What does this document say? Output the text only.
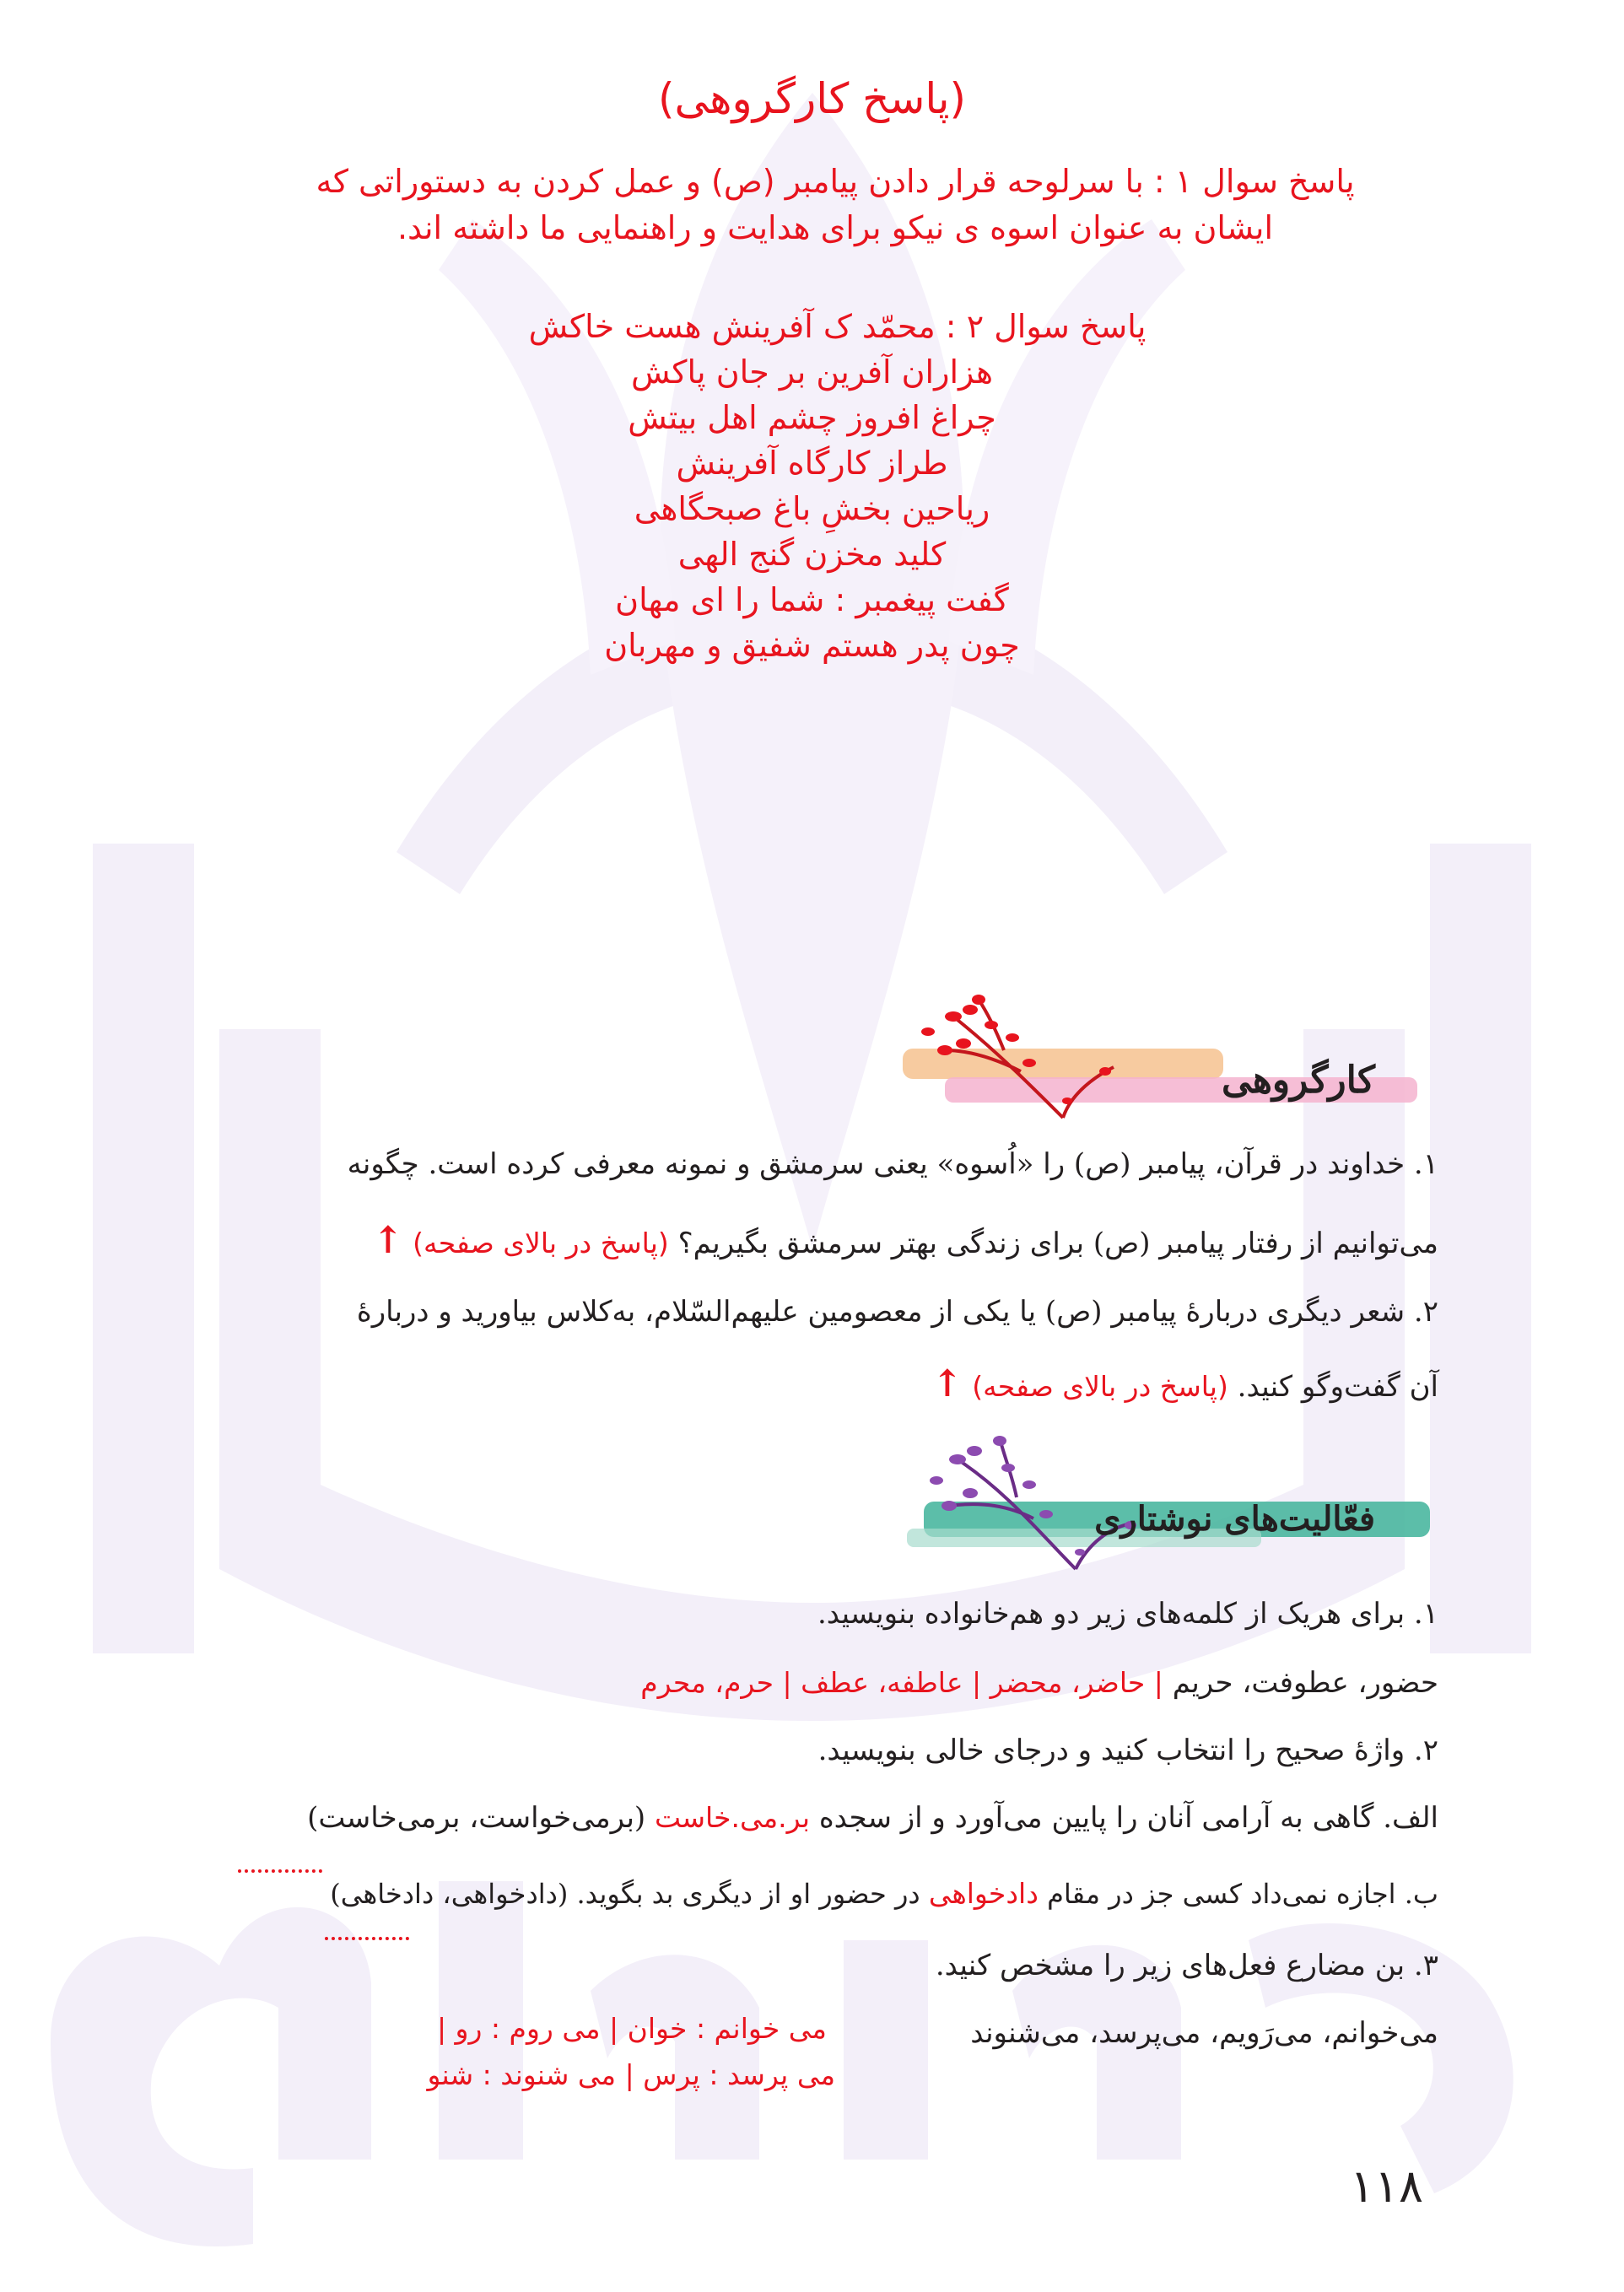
(پاسخ کارگروهی)
پاسخ سوال ۱ : با سرلوحه قرار دادن پیامبر (ص) و عمل کردن به دستوراتی که
ایشان به عنوان اسوه ی نیکو برای هدایت و راهنمایی ما داشته اند.
پاسخ سوال ۲ : محمّد ک آفرینش هست خاکش
هزاران آفرین بر جان پاکش
چراغ افروز چشم اهل بیتش
طراز کارگاه آفرینش
ریاحین بخشِ باغ صبحگاهی
کلید مخزن گنج الهی
گفت پیغمبر : شما را ای مهان
چون پدر هستم شفیق و مهربان
کارگروهی
۱. خداوند در قرآن، پیامبر (ص) را «اُسوه» یعنی سرمشق و نمونه معرفی کرده است. چگونه
می‌توانیم از رفتار پیامبر (ص) برای زندگی بهتر سرمشق بگیریم؟ (پاسخ در بالای صفحه) ↑
۲. شعر دیگری دربارهٔ پیامبر (ص) یا یکی از معصومین علیهم‌السّلام، به‌کلاس بیاورید و دربارهٔ
آن گفت‌وگو کنید. (پاسخ در بالای صفحه) ↑
فعّالیت‌های نوشتاری
۱. برای هریک از کلمه‌های زیر دو هم‌خانواده بنویسید.
حضور، عطوفت، حریم | حاضر، محضر | عاطفه، عطف | حرم، محرم
۲. واژهٔ صحیح را انتخاب کنید و درجای خالی بنویسید.
الف. گاهی به آرامی آنان را پایین می‌آورد و از سجده بر.می.خاست (برمی‌خواست، برمی‌خاست)
ب. اجازه نمی‌داد کسی جز در مقام دادخواهی در حضور او از دیگری بد بگوید. (دادخواهی، دادخاهی)
۳. بن مضارع فعل‌های زیر را مشخص کنید.
می‌خوانم، می‌رَویم، می‌پرسد، می‌شنوند
می خوانم : خوان | می روم : رو |
می پرسد : پرس | می شنوند : شنو
۱۱۸
